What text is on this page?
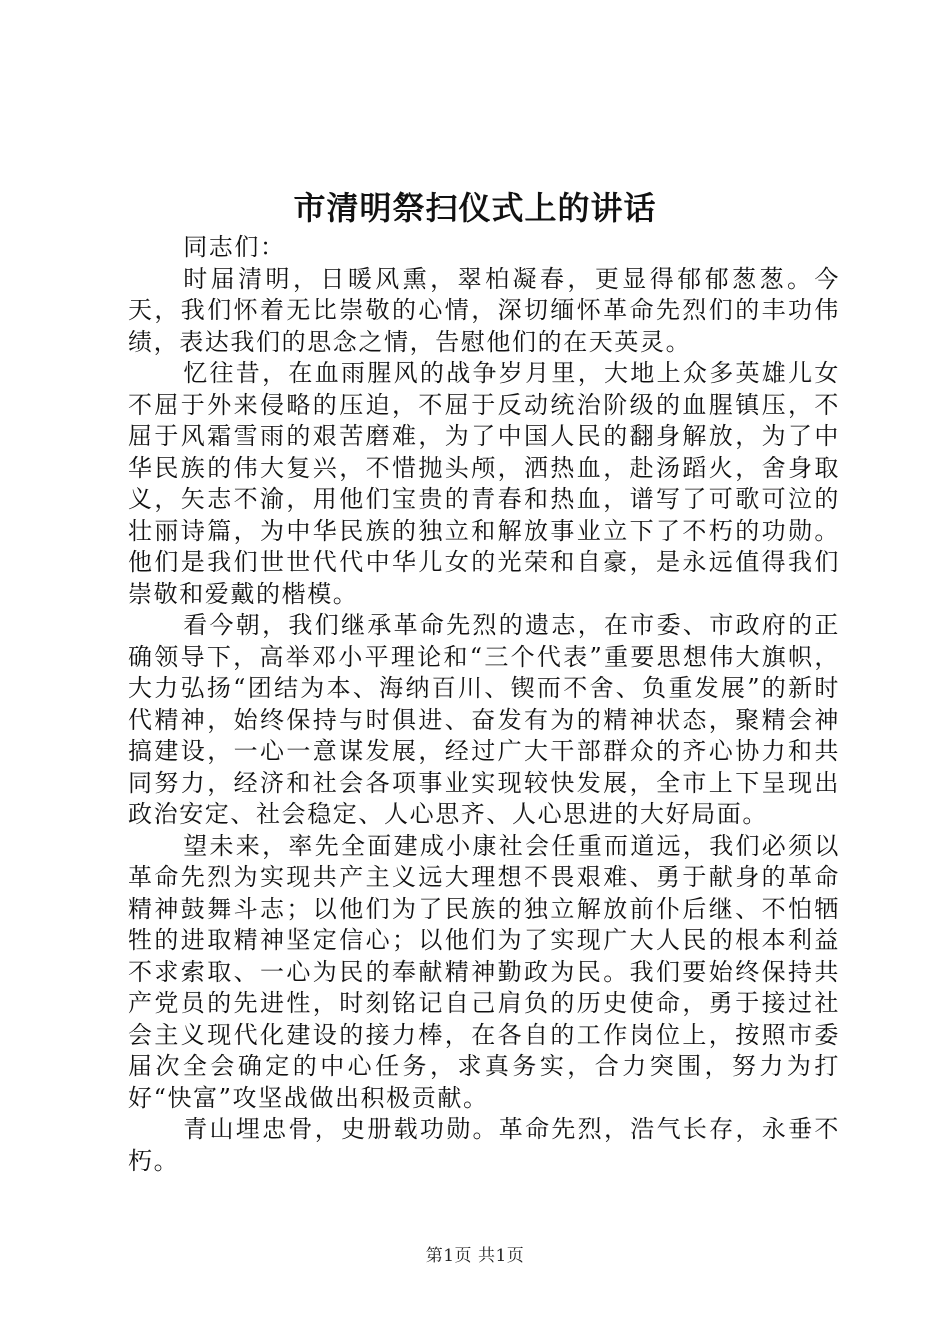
市清明祭扫仪式上的讲话

同志们：

时届清明，日暖风熏，翠柏凝春，更显得郁郁葱葱。今天，我们怀着无比崇敬的心情，深切缅怀革命先烈们的丰功伟绩，表达我们的思念之情，告慰他们的在天英灵。

忆往昔，在血雨腥风的战争岁月里，大地上众多英雄儿女不屈于外来侵略的压迫，不屈于反动统治阶级的血腥镇压，不屈于风霜雪雨的艰苦磨难，为了中国人民的翻身解放，为了中华民族的伟大复兴，不惜抛头颅，洒热血，赴汤蹈火，舍身取义，矢志不渝，用他们宝贵的青春和热血，谱写了可歌可泣的壮丽诗篇，为中华民族的独立和解放事业立下了不朽的功勋。他们是我们世世代代中华儿女的光荣和自豪，是永远值得我们崇敬和爱戴的楷模。

看今朝，我们继承革命先烈的遗志，在市委、市政府的正确领导下，高举邓小平理论和“三个代表”重要思想伟大旗帜，大力弘扬“团结为本、海纳百川、锲而不舍、负重发展”的新时代精神，始终保持与时俱进、奋发有为的精神状态，聚精会神搞建设，一心一意谋发展，经过广大干部群众的齐心协力和共同努力，经济和社会各项事业实现较快发展，全市上下呈现出政治安定、社会稳定、人心思齐、人心思进的大好局面。

望未来，率先全面建成小康社会任重而道远，我们必须以革命先烈为实现共产主义远大理想不畏艰难、勇于献身的革命精神鼓舞斗志；以他们为了民族的独立解放前仆后继、不怕牺牲的进取精神坚定信心；以他们为了实现广大人民的根本利益不求索取、一心为民的奉献精神勤政为民。我们要始终保持共产党员的先进性，时刻铭记自己肩负的历史使命，勇于接过社会主义现代化建设的接力棒，在各自的工作岗位上，按照市委届次全会确定的中心任务，求真务实，合力突围，努力为打好“快富”攻坚战做出积极贡献。

青山埋忠骨，史册载功勋。革命先烈，浩气长存，永垂不朽。

第1页 共1页
